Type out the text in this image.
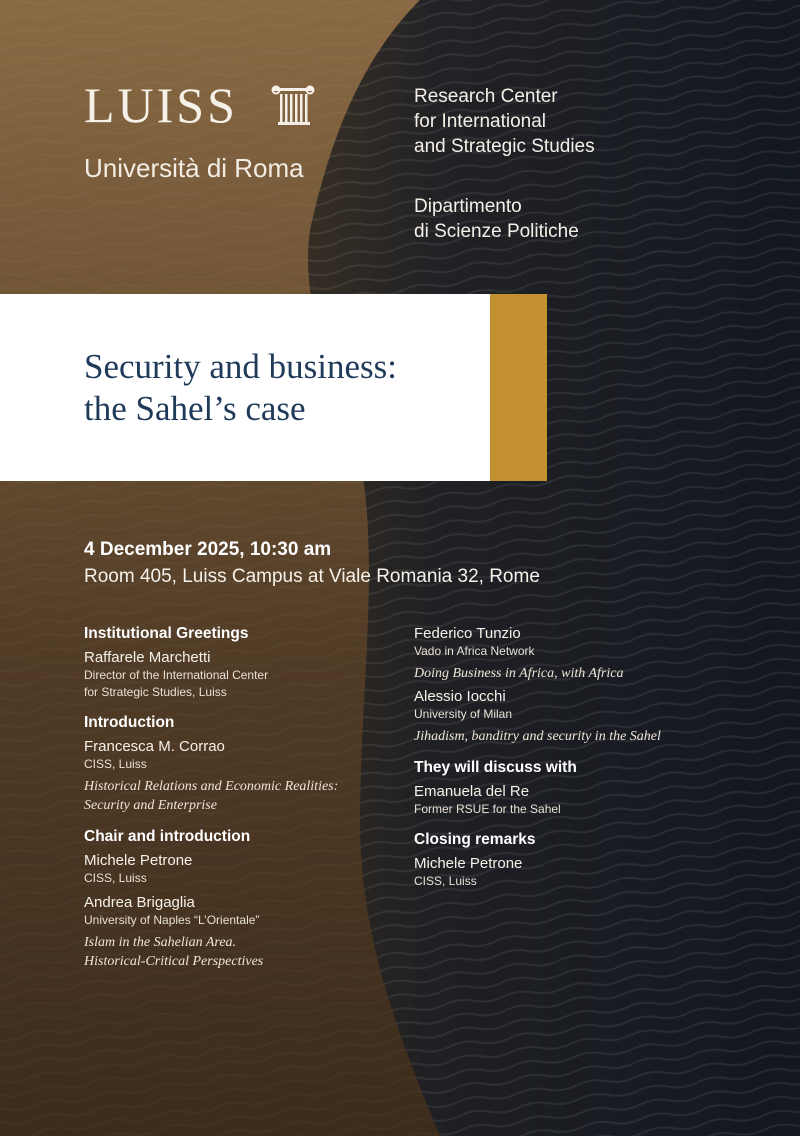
LUISS
Università di Roma

Research Center

for International

and Strategic Studies

Dipartimento

di Scienze Politiche

Security and business:
the Sahel’s case
4 December 2025, 10:30 am
Room 405, Luiss Campus at Viale Romania 32, Rome
Institutional Greetings
Raffarele Marchetti
Director of the International Center
for Strategic Studies, Luiss
Introduction
Francesca M. Corrao
CISS, Luiss
Historical Relations and Economic Realities:
Security and Enterprise
Chair and introduction
Michele Petrone
CISS, Luiss
Andrea Brigaglia
University of Naples “L’Orientale”
Islam in the Sahelian Area.
Historical-Critical Perspectives
Federico Tunzio
Vado in Africa Network
Doing Business in Africa, with Africa
Alessio Iocchi
University of Milan
Jihadism, banditry and security in the Sahel
They will discuss with
Emanuela del Re
Former RSUE for the Sahel
Closing remarks
Michele Petrone
CISS, Luiss
